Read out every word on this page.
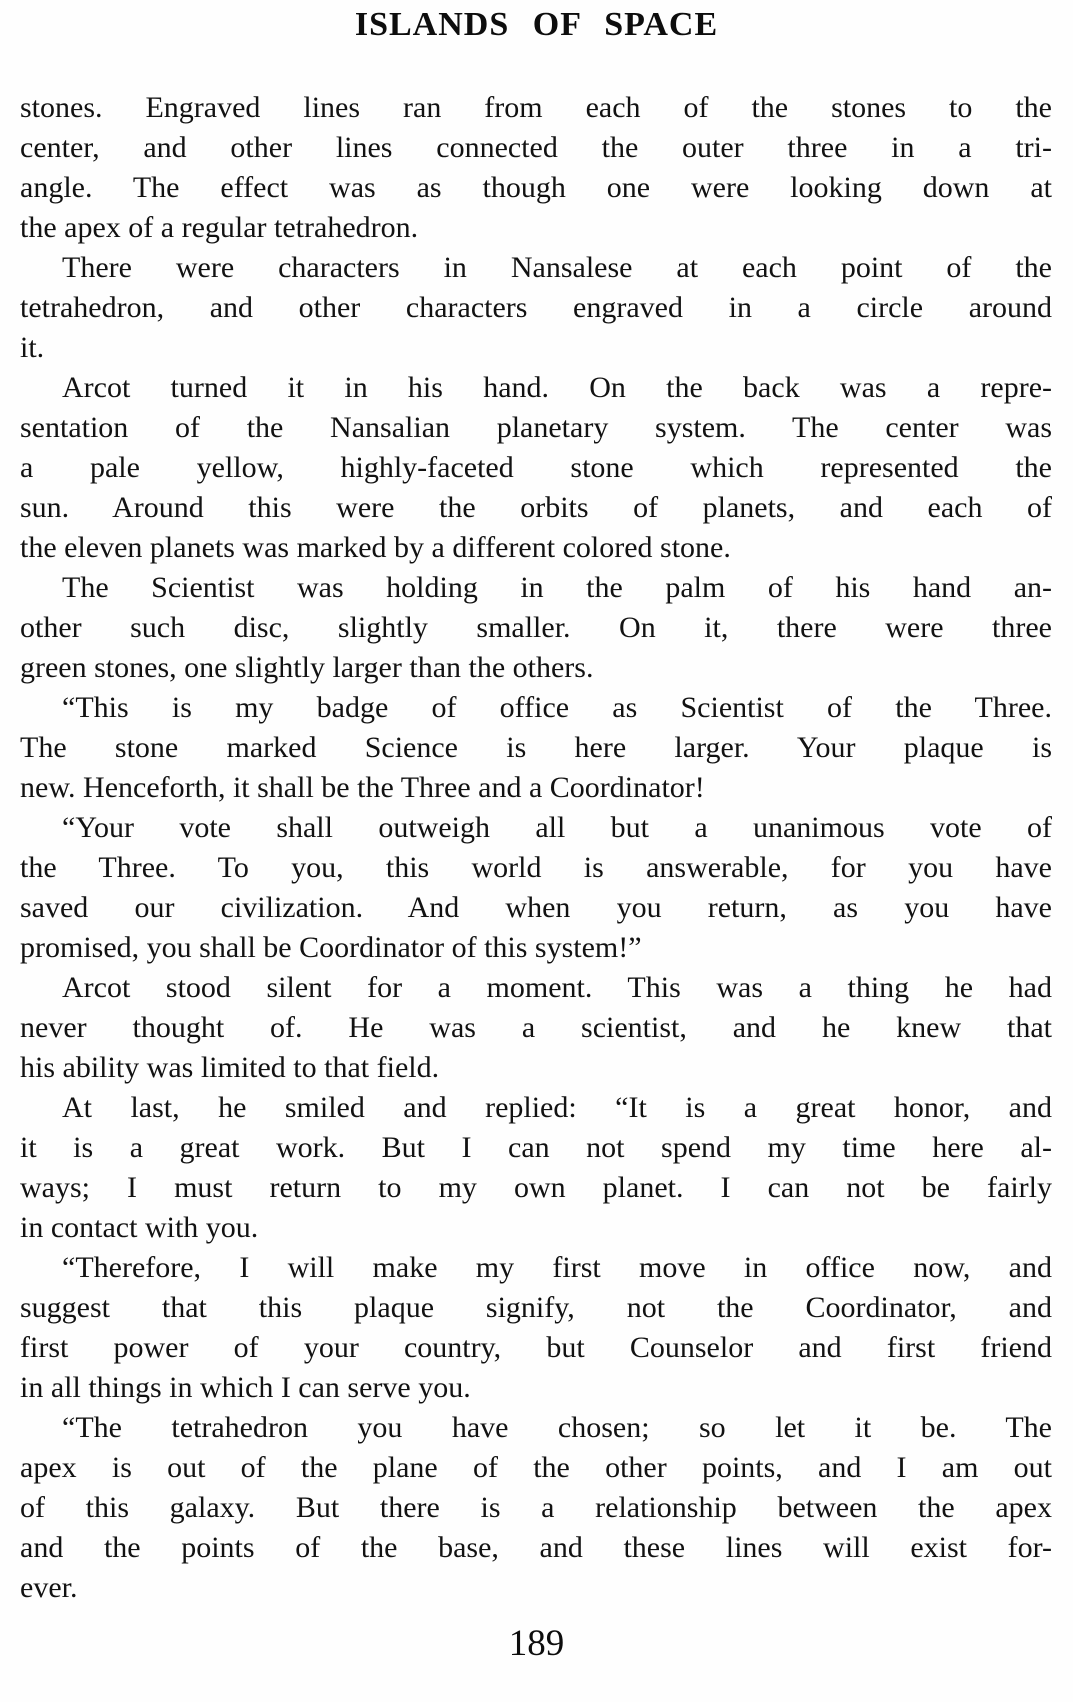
ISLANDS OF SPACE
stones. Engraved lines ran from each of the stones to the
center, and other lines connected the outer three in a tri-
angle. The effect was as though one were looking down at
the apex of a regular tetrahedron.
There were characters in Nansalese at each point of the
tetrahedron, and other characters engraved in a circle around
it.
Arcot turned it in his hand. On the back was a repre-
sentation of the Nansalian planetary system. The center was
a pale yellow, highly-faceted stone which represented the
sun. Around this were the orbits of planets, and each of
the eleven planets was marked by a different colored stone.
The Scientist was holding in the palm of his hand an-
other such disc, slightly smaller. On it, there were three
green stones, one slightly larger than the others.
“This is my badge of office as Scientist of the Three.
The stone marked Science is here larger. Your plaque is
new. Henceforth, it shall be the Three and a Coordinator!
“Your vote shall outweigh all but a unanimous vote of
the Three. To you, this world is answerable, for you have
saved our civilization. And when you return, as you have
promised, you shall be Coordinator of this system!”
Arcot stood silent for a moment. This was a thing he had
never thought of. He was a scientist, and he knew that
his ability was limited to that field.
At last, he smiled and replied: “It is a great honor, and
it is a great work. But I can not spend my time here al-
ways; I must return to my own planet. I can not be fairly
in contact with you.
“Therefore, I will make my first move in office now, and
suggest that this plaque signify, not the Coordinator, and
first power of your country, but Counselor and first friend
in all things in which I can serve you.
“The tetrahedron you have chosen; so let it be. The
apex is out of the plane of the other points, and I am out
of this galaxy. But there is a relationship between the apex
and the points of the base, and these lines will exist for-
ever.
189
